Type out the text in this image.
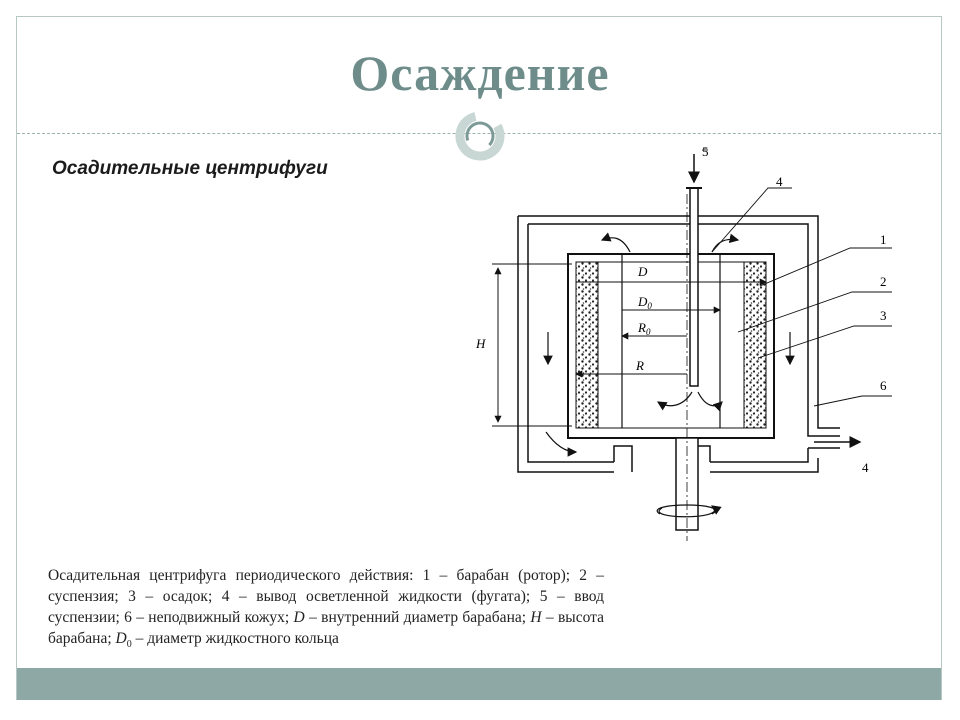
Осаждение
Осадительные центрифуги
5
4
1
2
3
6
4
D
$D_0$
$R_0$
R
H
Осадительная центрифуга периодического действия: 1 – барабан (ротор); 2 – суспензия; 3 – осадок; 4 – вывод осветленной жидкости (фугата); 5 – ввод суспензии; 6 – неподвижный кожух; D – внутренний диаметр барабана; H – высота барабана; $D_0$ – диаметр жидкостного кольца
